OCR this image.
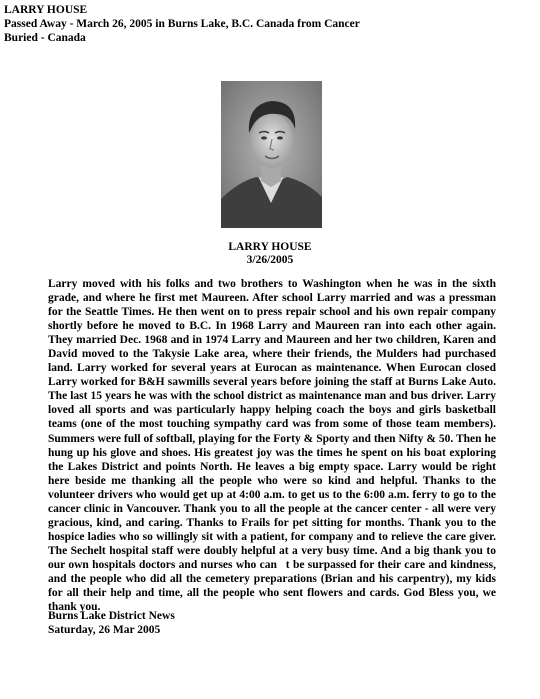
LARRY HOUSE
Passed Away - March 26, 2005 in Burns Lake, B.C. Canada from Cancer
Buried - Canada
LARRY HOUSE
3/26/2005

Larry moved with his folks and two brothers to Washington when he was in the sixth grade, and where he first met Maureen. After school Larry married and was a pressman for the Seattle Times. He then went on to press repair school and his own repair company shortly before he moved to B.C. In 1968 Larry and Maureen ran into each other again. They married Dec. 1968 and in 1974 Larry and Maureen and her two children, Karen and David moved to the Takysie Lake area, where their friends, the Mulders had purchased land. Larry worked for several years at Eurocan as maintenance. When Eurocan closed Larry worked for B&H sawmills several years before joining the staff at Burns Lake Auto. The last 15 years he was with the school district as maintenance man and bus driver. Larry loved all sports and was particularly happy helping coach the boys and girls basketball teams (one of the most touching sympathy card was from some of those team members). Summers were full of softball, playing for the Forty & Sporty and then Nifty & 50. Then he hung up his glove and shoes. His greatest joy was the times he spent on his boat exploring the Lakes District and points North. He leaves a big empty space. Larry would be right here beside me thanking all the people who were so kind and helpful. Thanks to the volunteer drivers who would get up at 4:00 a.m. to get us to the 6:00 a.m. ferry to go to the cancer clinic in Vancouver. Thank you to all the people at the cancer center - all were very gracious, kind, and caring. Thanks to Frails for pet sitting for months. Thank you to the hospice ladies who so willingly sit with a patient, for company and to relieve the care giver. The Sechelt hospital staff were doubly helpful at a very busy time. And a big thank you to our own hospitals doctors and nurses who can t be surpassed for their care and kindness, and the people who did all the cemetery preparations (Brian and his carpentry), my kids for all their help and time, all the people who sent flowers and cards. God Bless you, we thank you.

Burns Lake District News
Saturday, 26 Mar 2005
